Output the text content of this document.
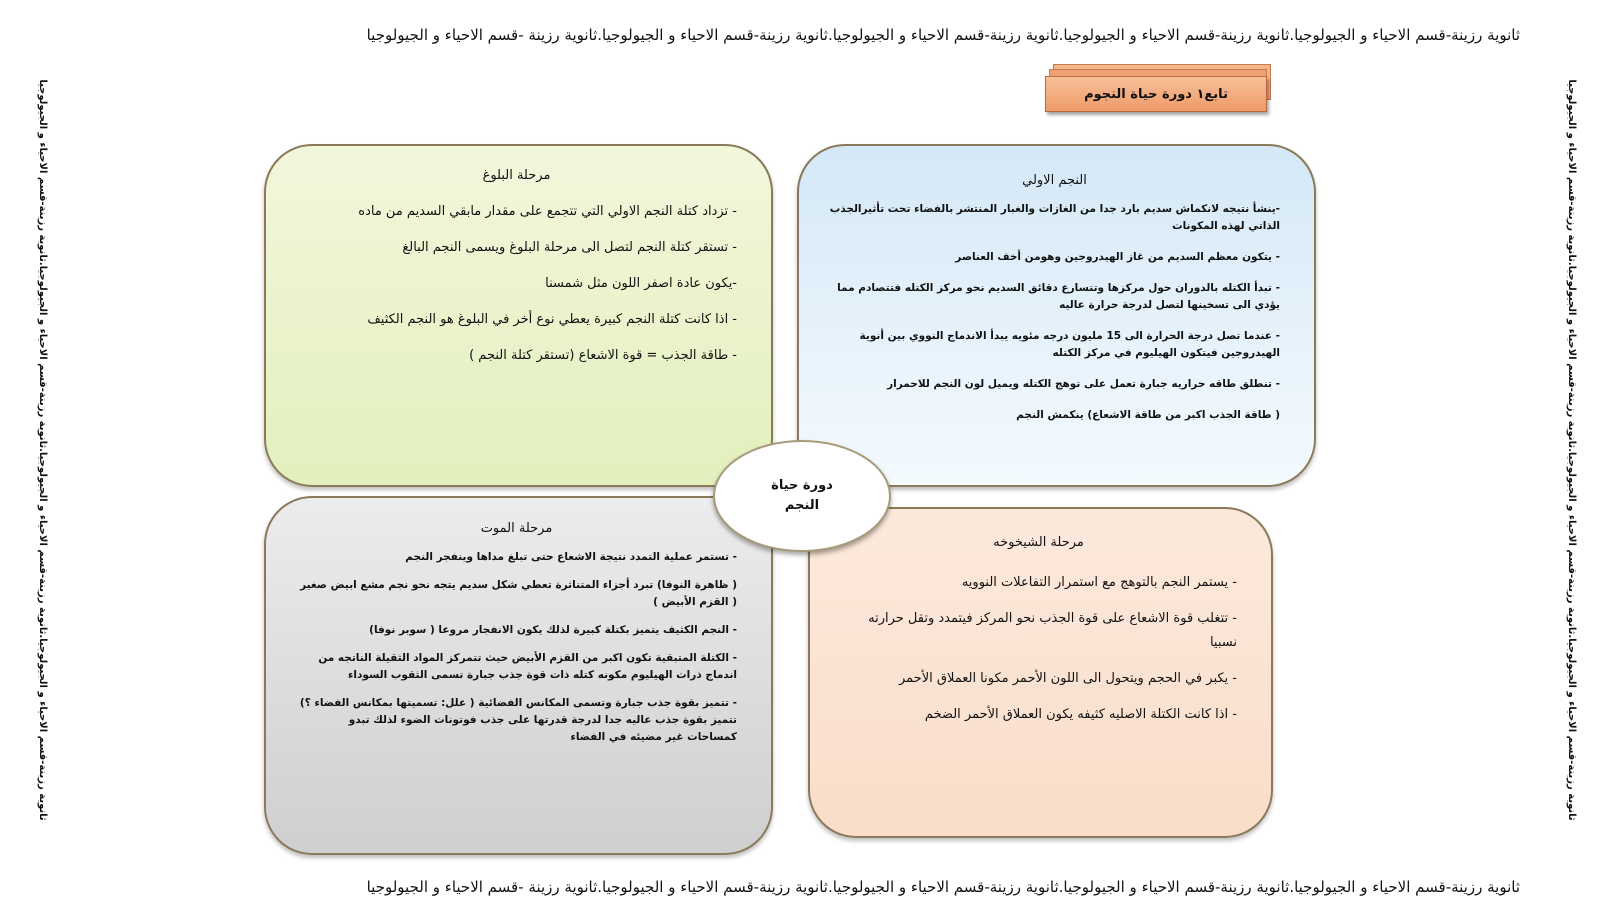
ثانوية رزينة-قسم الاحياء و الجيولوجيا.ثانوية رزينة-قسم الاحياء و الجيولوجيا.ثانوية رزينة-قسم الاحياء و الجيولوجيا.ثانوية رزينة-قسم الاحياء و الجيولوجيا.ثانوية رزينة -قسم الاحياء و الجيولوجيا
ثانوية رزينة-قسم الاحياء و الجيولوجيا.ثانوية رزينة-قسم الاحياء و الجيولوجيا.ثانوية رزينة-قسم الاحياء و الجيولوجيا.ثانوية رزينة-قسم الاحياء و الجيولوجيا	ثانوية رزينة-قسم الاحياء و الجيولوجيا.ثانوية رزينة-قسم الاحياء و الجيولوجيا.ثانوية رزينة-قسم الاحياء و الجيولوجيا.ثانوية رزينة-قسم الاحياء و الجيولوجيا
تابع١ دورة حياة النجوم
النجم الاولي

-ينشأ نتيجه لانكماش سديم بارد جدا من الغازات والغبار المنتشر بالفضاء تحت تأثيرالجذب الذاتي لهذه المكونات

- يتكون معظم السديم من غاز الهيدروجين وهومن أخف العناصر

- تبدأ الكتله بالدوران حول مركزها وتتسارع دقائق السديم نحو مركز الكتله فتتصادم مما يؤدي الى تسخينها لتصل لدرجة حرارة عاليه

- عندما تصل درجة الحرارة الى 15 مليون درجه مئويه يبدأ الاندماج النووي بين أنوية الهيدروجين فيتكون الهيليوم في مركز الكتله

- تنطلق طاقه حراريه جبارة تعمل على توهج الكتله ويميل لون النجم للاحمرار

( طاقة الجذب اكبر من طاقة الاشعاع) ينكمش النجم

مرحلة البلوغ

- تزداد كتلة النجم الاولي التي تتجمع على مقدار مابقي السديم من ماده

- تستقر كتلة النجم لتصل الى مرحلة البلوغ ويسمى النجم البالغ

-يكون عادة اصفر اللون مثل شمسنا

- اذا كانت كتلة النجم كبيرة يعطي نوع أخر في البلوغ هو النجم الكثيف

- طاقة الجذب = قوة الاشعاع (تستقر كتلة النجم )

مرحلة الموت

- تستمر عملية التمدد نتيجة الاشعاع حتى تبلغ مداها وينفجر النجم

( ظاهرة النوفا) تبرد أجزاء المتناثرة تعطي شكل سديم يتجه نحو نجم مشع ابيض صغير ( القزم الأبيض )

- النجم الكثيف يتميز بكتلة كبيرة لذلك يكون الانفجار مروعا ( سوبر نوفا)

- الكتلة المتبقية تكون اكبر من القزم الأبيض حيث تتمركز المواد الثقيلة الناتجه من اندماج ذرات الهيليوم مكونه كتله ذات قوة جذب جبارة تسمى الثقوب السوداء

- تتميز بقوة جذب جبارة وتسمى المكانس الفضائية ( علل: تسميتها بمكانس الفضاء ؟) تتميز بقوة جذب عاليه جدا لدرجة قدرتها على جذب فوتونات الضوء لذلك تبدو كمساحات غير مضيئه في الفضاء

مرحلة الشيخوخه

- يستمر النجم بالتوهج مع استمرار التفاعلات النوويه

- تتغلب قوة الاشعاع على قوة الجذب نحو المركز فيتمدد وتقل حرارته نسبيا

- يكبر في الحجم ويتحول الى اللون الأحمر مكونا العملاق الأحمر

- اذا كانت الكتلة الاصليه كثيفه يكون العملاق الأحمر الضخم

دورة حياة النجم
ثانوية رزينة-قسم الاحياء و الجيولوجيا.ثانوية رزينة-قسم الاحياء و الجيولوجيا.ثانوية رزينة-قسم الاحياء و الجيولوجيا.ثانوية رزينة-قسم الاحياء و الجيولوجيا.ثانوية رزينة -قسم الاحياء و الجيولوجيا
